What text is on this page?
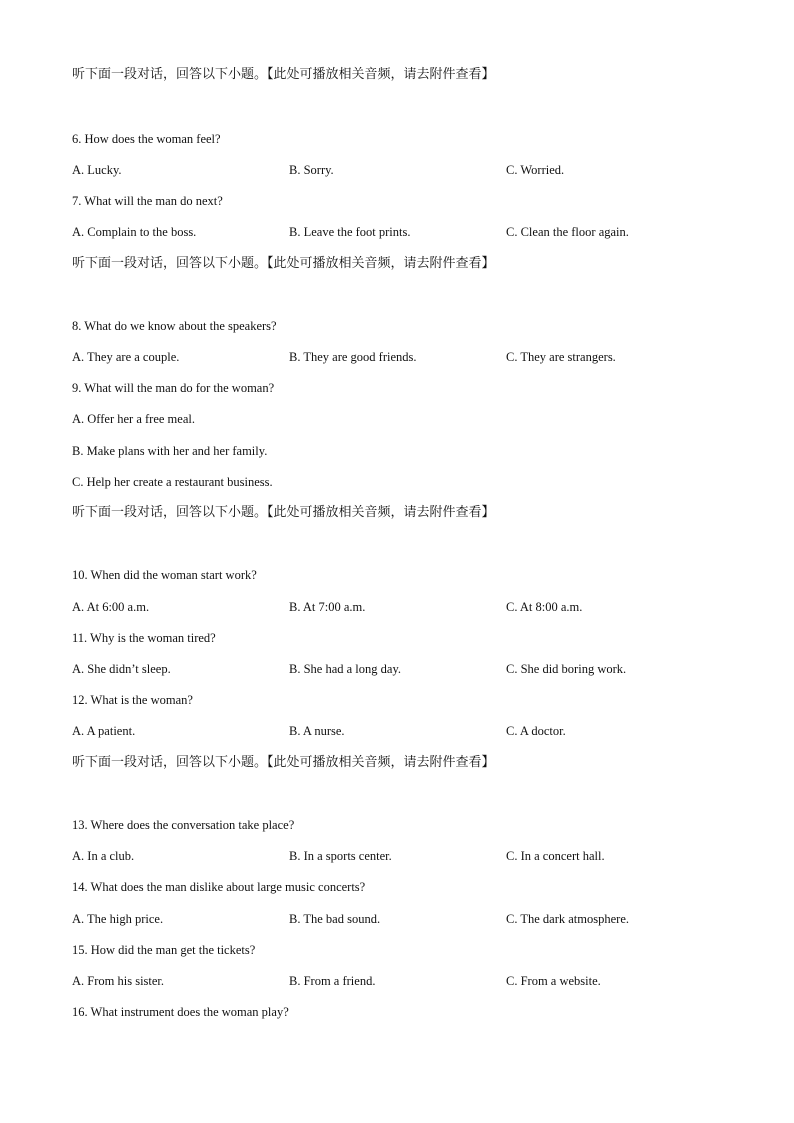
听下面一段对话，回答以下小题。【此处可播放相关音频，请去附件查看】
6. How does the woman feel?
A. Lucky.	B. Sorry.	C. Worried.
7. What will the man do next?
A. Complain to the boss.	B. Leave the foot prints.	C. Clean the floor again.
听下面一段对话，回答以下小题。【此处可播放相关音频，请去附件查看】
8. What do we know about the speakers?
A. They are a couple.	B. They are good friends.	C. They are strangers.
9. What will the man do for the woman?
A. Offer her a free meal.
B. Make plans with her and her family.
C. Help her create a restaurant business.
听下面一段对话，回答以下小题。【此处可播放相关音频，请去附件查看】
10. When did the woman start work?
A. At 6:00 a.m.	B. At 7:00 a.m.	C. At 8:00 a.m.
11. Why is the woman tired?
A. She didn’t sleep.	B. She had a long day.	C. She did boring work.
12. What is the woman?
A. A patient.	B. A nurse.	C. A doctor.
听下面一段对话，回答以下小题。【此处可播放相关音频，请去附件查看】
13. Where does the conversation take place?
A. In a club.	B. In a sports center.	C. In a concert hall.
14. What does the man dislike about large music concerts?
A. The high price.	B. The bad sound.	C. The dark atmosphere.
15. How did the man get the tickets?
A. From his sister.	B. From a friend.	C. From a website.
16. What instrument does the woman play?
